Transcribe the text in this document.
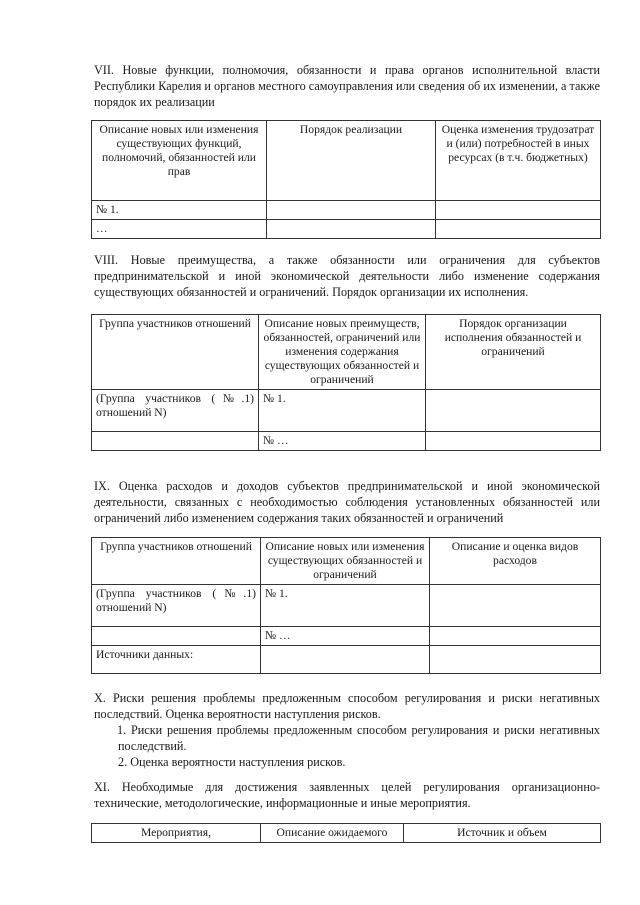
VII. Новые функции, полномочия, обязанности и права органов исполнительной власти Республики Карелия и органов местного самоуправления или сведения об их изменении, а также порядок их реализации
Описание новых или изменения существующих функций, полномочий, обязанностей или прав	Порядок реализации	Оценка изменения трудозатрат и (или) потребностей в иных ресурсах (в т.ч. бюджетных)
№ 1.		
…		
VIII. Новые преимущества, а также обязанности или ограничения для субъектов предпринимательской и иной экономической деятельности либо изменение содержания существующих обязанностей и ограничений. Порядок организации их исполнения.
Группа участников отношений	Описание новых преимуществ, обязанностей, ограничений или изменения содержания существующих обязанностей и ограничений	Порядок организации исполнения обязанностей и ограничений
(Группа участников (№.1) отношений N)	№ 1.	
	№ …	
IX. Оценка расходов и доходов субъектов предпринимательской и иной экономической деятельности, связанных с необходимостью соблюдения установленных обязанностей или ограничений либо изменением содержания таких обязанностей и ограничений
Группа участников отношений	Описание новых или изменения существующих обязанностей и ограничений	Описание и оценка видов расходов
(Группа участников (№.1) отношений N)	№ 1.	
	№ …	
Источники данных:		
X. Риски решения проблемы предложенным способом регулирования и риски негативных последствий. Оценка вероятности наступления рисков.
1. Риски решения проблемы предложенным способом регулирования и риски негативных последствий.
2. Оценка вероятности наступления рисков.
XI. Необходимые для достижения заявленных целей регулирования организационно-технические, методологические, информационные и иные мероприятия.
Мероприятия,	Описание ожидаемого	Источник и объем
